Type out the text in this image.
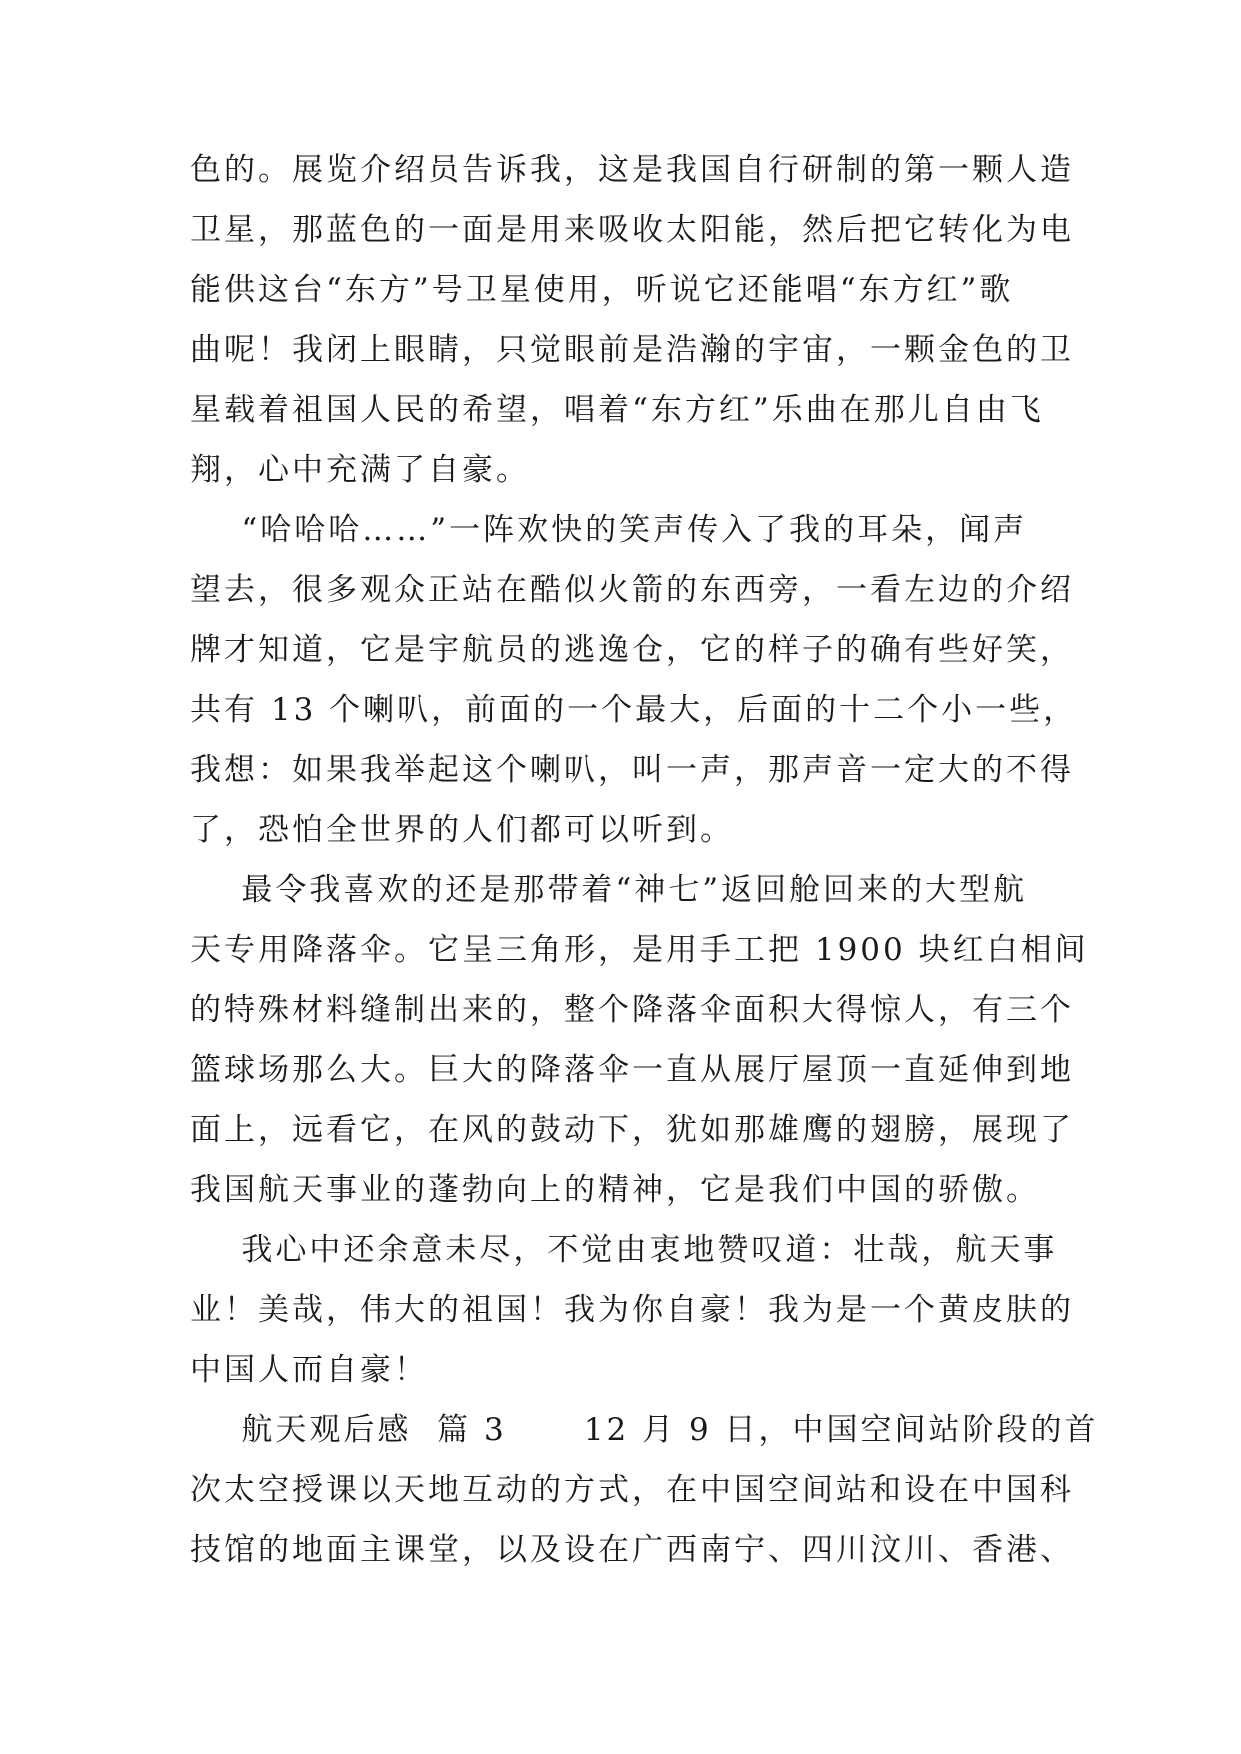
色的。展览介绍员告诉我，这是我国自行研制的第一颗人造
卫星，那蓝色的一面是用来吸收太阳能，然后把它转化为电
能供这台“东方”号卫星使用，听说它还能唱“东方红”歌
曲呢！我闭上眼睛，只觉眼前是浩瀚的宇宙，一颗金色的卫
星载着祖国人民的希望，唱着“东方红”乐曲在那儿自由飞
翔，心中充满了自豪。
“哈哈哈……”一阵欢快的笑声传入了我的耳朵，闻声
望去，很多观众正站在酷似火箭的东西旁，一看左边的介绍
牌才知道，它是宇航员的逃逸仓，它的样子的确有些好笑，
共有 13 个喇叭，前面的一个最大，后面的十二个小一些，
我想：如果我举起这个喇叭，叫一声，那声音一定大的不得
了，恐怕全世界的人们都可以听到。
最令我喜欢的还是那带着“神七”返回舱回来的大型航
天专用降落伞。它呈三角形，是用手工把 1900 块红白相间
的特殊材料缝制出来的，整个降落伞面积大得惊人，有三个
篮球场那么大。巨大的降落伞一直从展厅屋顶一直延伸到地
面上，远看它，在风的鼓动下，犹如那雄鹰的翅膀，展现了
我国航天事业的蓬勃向上的精神，它是我们中国的骄傲。
我心中还余意未尽，不觉由衷地赞叹道：壮哉，航天事
业！美哉，伟大的祖国！我为你自豪！我为是一个黄皮肤的
中国人而自豪！
航天观后感  篇 3      12 月 9 日，中国空间站阶段的首
次太空授课以天地互动的方式，在中国空间站和设在中国科
技馆的地面主课堂，以及设在广西南宁、四川汶川、香港、
